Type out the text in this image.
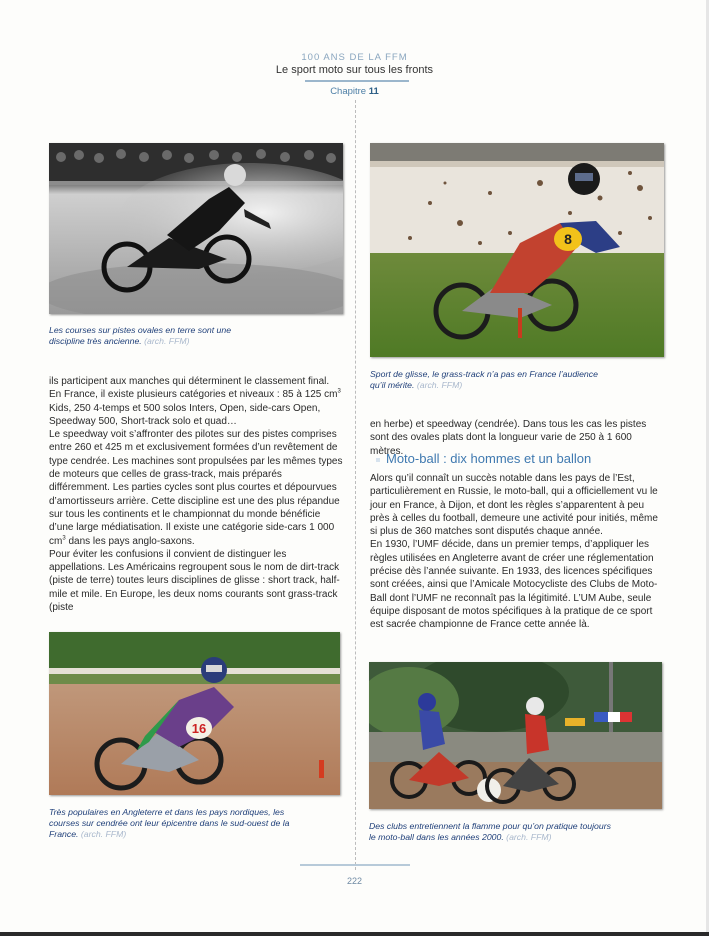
100 ANS DE LA FFM
Le sport moto sur tous les fronts
Chapitre 11
Les courses sur pistes ovales en terre sont une discipline très ancienne. (arch. FFM)
8
Sport de glisse, le grass-track n’a pas en France l’audience qu’il mérite. (arch. FFM)

ils participent aux manches qui déterminent le classement final. En France, il existe plusieurs catégories et niveaux : 85 à 125 $cm^3$ Kids, 250 4-temps et 500 solos Inters, Open, side-cars Open, Speedway 500, Short-track solo et quad…

Le speedway voit s’affronter des pilotes sur des pistes comprises entre 260 et 425 m et exclusivement formées d’un revêtement de type cendrée. Les machines sont propulsées par les mêmes types de moteurs que celles de grass-track, mais préparés différemment. Les parties cycles sont plus courtes et dépourvues d’amortisseurs arrière. Cette discipline est une des plus répandue sur tous les continents et le championnat du monde bénéficie d’une large médiatisation. Il existe une catégorie side-cars 1 000 $cm^3$ dans les pays anglo-saxons.

Pour éviter les confusions il convient de distinguer les appellations. Les Américains regroupent sous le nom de dirt-track (piste de terre) toutes leurs disciplines de glisse : short track, half-mile et mile. En Europe, les deux noms courants sont grass-track (piste

en herbe) et speedway (cendrée). Dans tous les cas les pistes sont des ovales plats dont la longueur varie de 250 à 1 600 mètres.

Moto-ball : dix hommes et un ballon

Alors qu’il connaît un succès notable dans les pays de l’Est, particulièrement en Russie, le moto-ball, qui a officiellement vu le jour en France, à Dijon, et dont les règles s’apparentent à peu près à celles du football, demeure une activité pour initiés, même si plus de 360 matches sont disputés chaque année.

En 1930, l’UMF décide, dans un premier temps, d’appliquer les règles utilisées en Angleterre avant de créer une réglementation précise dès l’année suivante. En 1933, des licences spécifiques sont créées, ainsi que l’Amicale Motocycliste des Clubs de Moto-Ball dont l’UMF ne reconnaît pas la légitimité. L’UM Aube, seule équipe disposant de motos spécifiques à la pratique de ce sport est sacrée championne de France cette année là.

16
Très populaires en Angleterre et dans les pays nordiques, les courses sur cendrée ont leur épicentre dans le sud-ouest de la France. (arch. FFM)
Des clubs entretiennent la flamme pour qu’on pratique toujours le moto-ball dans les années 2000. (arch. FFM)
222
